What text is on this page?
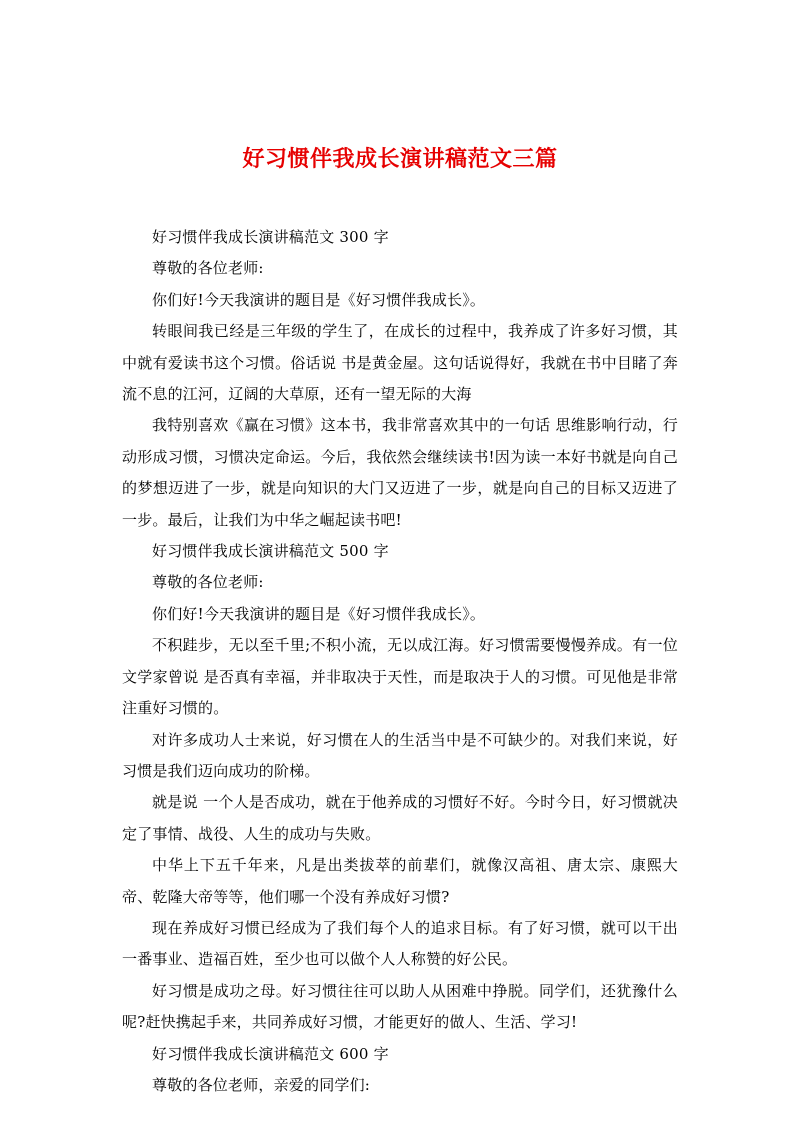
好习惯伴我成长演讲稿范文三篇

好习惯伴我成长演讲稿范文 300 字

尊敬的各位老师:

你们好!今天我演讲的题目是《好习惯伴我成长》。

转眼间我已经是三年级的学生了，在成长的过程中，我养成了许多好习惯，其中就有爱读书这个习惯。俗话说 书是黄金屋。这句话说得好，我就在书中目睹了奔流不息的江河，辽阔的大草原，还有一望无际的大海

我特别喜欢《赢在习惯》这本书，我非常喜欢其中的一句话 思维影响行动，行动形成习惯，习惯决定命运。今后，我依然会继续读书!因为读一本好书就是向自己的梦想迈进了一步，就是向知识的大门又迈进了一步，就是向自己的目标又迈进了一步。最后，让我们为中华之崛起读书吧!

好习惯伴我成长演讲稿范文 500 字

尊敬的各位老师:

你们好!今天我演讲的题目是《好习惯伴我成长》。

不积跬步，无以至千里;不积小流，无以成江海。好习惯需要慢慢养成。有一位文学家曾说 是否真有幸福，并非取决于天性，而是取决于人的习惯。可见他是非常注重好习惯的。

对许多成功人士来说，好习惯在人的生活当中是不可缺少的。对我们来说，好习惯是我们迈向成功的阶梯。

就是说 一个人是否成功，就在于他养成的习惯好不好。今时今日，好习惯就决定了事情、战役、人生的成功与失败。

中华上下五千年来，凡是出类拔萃的前辈们，就像汉高祖、唐太宗、康熙大帝、乾隆大帝等等，他们哪一个没有养成好习惯?

现在养成好习惯已经成为了我们每个人的追求目标。有了好习惯，就可以干出一番事业、造福百姓，至少也可以做个人人称赞的好公民。

好习惯是成功之母。好习惯往往可以助人从困难中挣脱。同学们，还犹豫什么呢?赶快携起手来，共同养成好习惯，才能更好的做人、生活、学习!

好习惯伴我成长演讲稿范文 600 字

尊敬的各位老师，亲爱的同学们:
